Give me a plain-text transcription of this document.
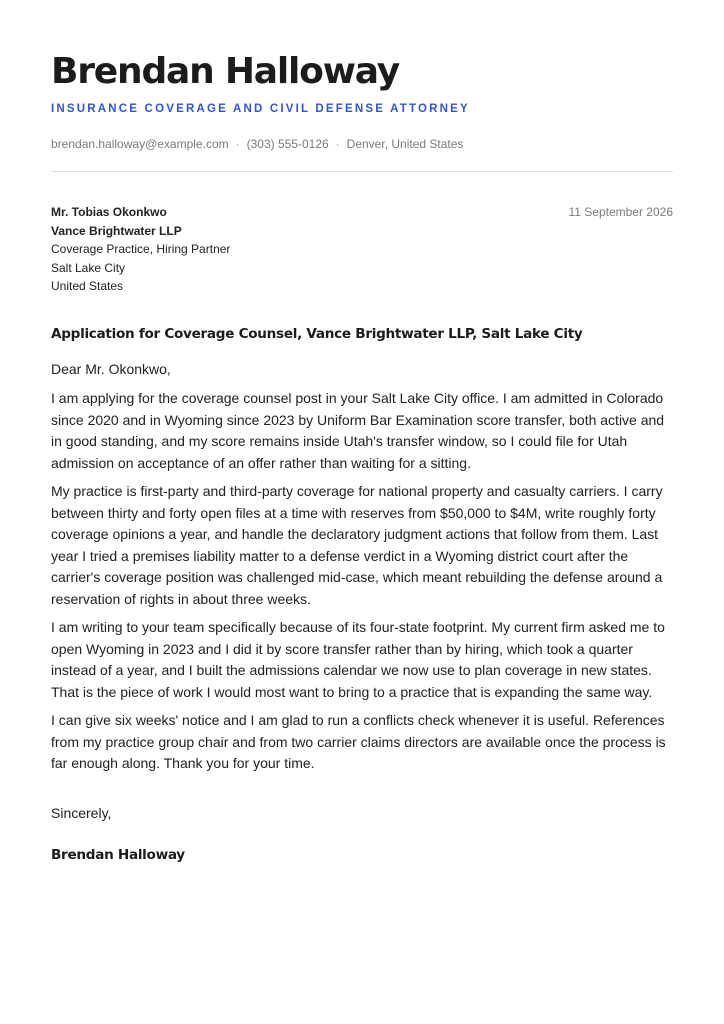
Brendan Halloway
INSURANCE COVERAGE AND CIVIL DEFENSE ATTORNEY
brendan.halloway@example.com · (303) 555-0126 · Denver, United States
Mr. Tobias Okonkwo
Vance Brightwater LLP
Coverage Practice, Hiring Partner
Salt Lake City
United States
11 September 2026
Application for Coverage Counsel, Vance Brightwater LLP, Salt Lake City
Dear Mr. Okonkwo,
I am applying for the coverage counsel post in your Salt Lake City office. I am admitted in Colorado since 2020 and in Wyoming since 2023 by Uniform Bar Examination score transfer, both active and in good standing, and my score remains inside Utah's transfer window, so I could file for Utah admission on acceptance of an offer rather than waiting for a sitting.
My practice is first-party and third-party coverage for national property and casualty carriers. I carry between thirty and forty open files at a time with reserves from $50,000 to $4M, write roughly forty coverage opinions a year, and handle the declaratory judgment actions that follow from them. Last year I tried a premises liability matter to a defense verdict in a Wyoming district court after the carrier's coverage position was challenged mid-case, which meant rebuilding the defense around a reservation of rights in about three weeks.
I am writing to your team specifically because of its four-state footprint. My current firm asked me to open Wyoming in 2023 and I did it by score transfer rather than by hiring, which took a quarter instead of a year, and I built the admissions calendar we now use to plan coverage in new states. That is the piece of work I would most want to bring to a practice that is expanding the same way.
I can give six weeks' notice and I am glad to run a conflicts check whenever it is useful. References from my practice group chair and from two carrier claims directors are available once the process is far enough along. Thank you for your time.
Sincerely,
Brendan Halloway
